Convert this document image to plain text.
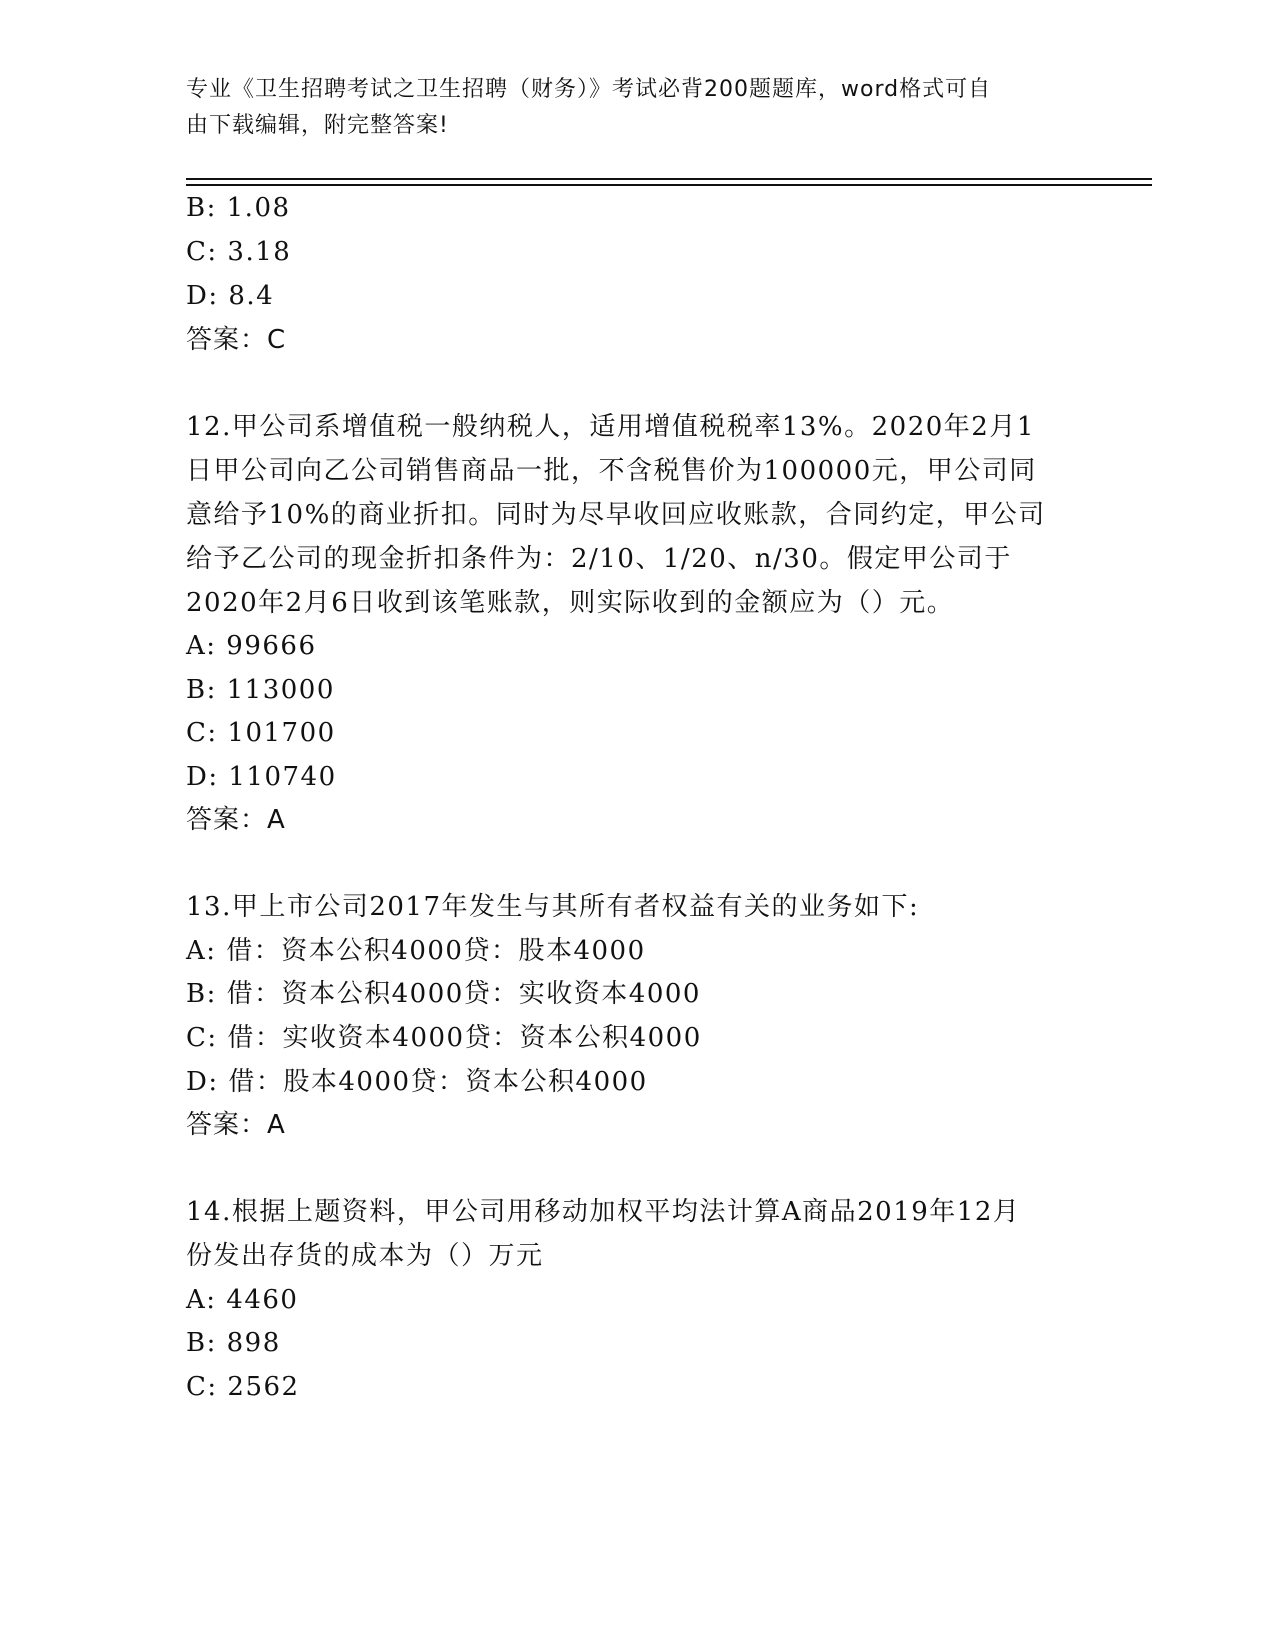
专业《卫生招聘考试之卫生招聘（财务）》考试必背200题题库，word格式可自
由下载编辑，附完整答案!
B: 1.08
C: 3.18
D: 8.4
答案：C
12.甲公司系增值税一般纳税人，适用增值税税率13%。2020年2月1
日甲公司向乙公司销售商品一批，不含税售价为100000元，甲公司同
意给予10%的商业折扣。同时为尽早收回应收账款，合同约定，甲公司
给予乙公司的现金折扣条件为：2/10、1/20、n/30。假定甲公司于
2020年2月6日收到该笔账款，则实际收到的金额应为（）元。
A: 99666
B: 113000
C: 101700
D: 110740
答案：A
13.甲上市公司2017年发生与其所有者权益有关的业务如下:
A: 借：资本公积4000贷：股本4000
B: 借：资本公积4000贷：实收资本4000
C: 借：实收资本4000贷：资本公积4000
D: 借：股本4000贷：资本公积4000
答案：A
14.根据上题资料，甲公司用移动加权平均法计算A商品2019年12月
份发出存货的成本为（）万元
A: 4460
B: 898
C: 2562
